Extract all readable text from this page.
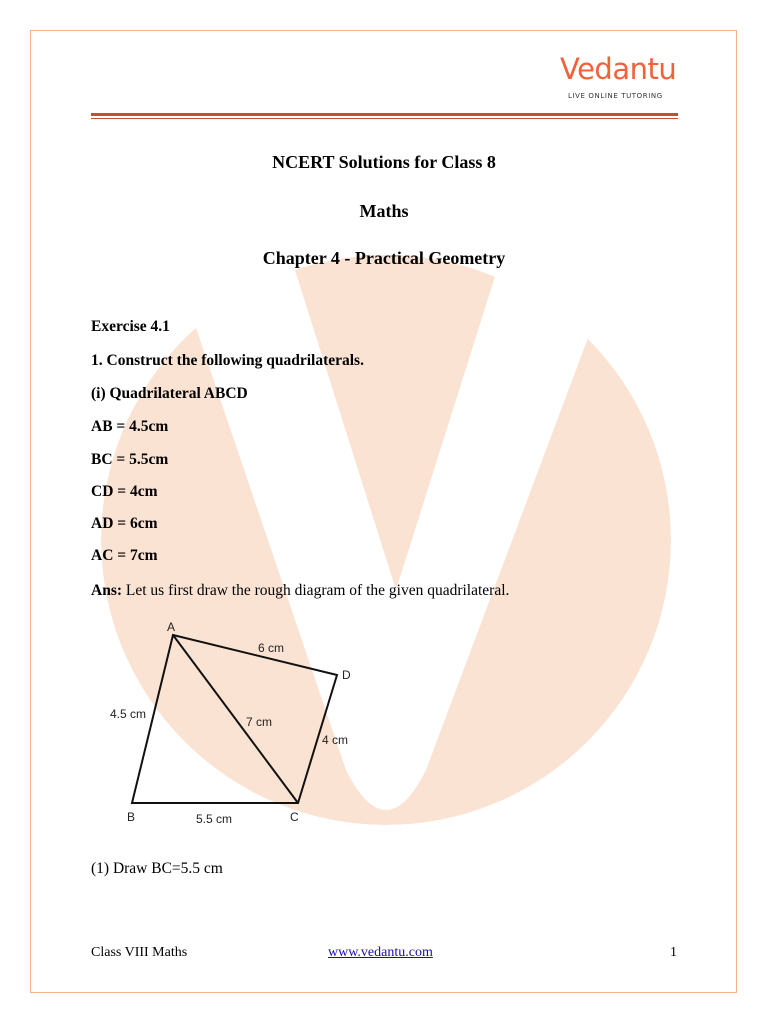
Vedantu
LIVE ONLINE TUTORING
NCERT Solutions for Class 8
Maths
Chapter 4 - Practical Geometry
Exercise 4.1
1. Construct the following quadrilaterals.
(i) Quadrilateral ABCD
AB = 4.5cm
BC = 5.5cm
CD = 4cm
AD = 6cm
AC = 7cm
Ans: Let us first draw the rough diagram of the given quadrilateral.
A
D
B	C
6 cm
4.5 cm
7 cm
4 cm
5.5 cm
(1) Draw BC=5.5 cm
Class VIII Maths	www.vedantu.com	1
